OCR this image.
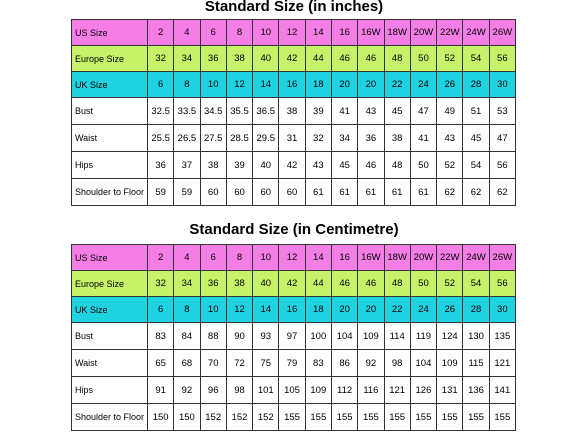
Standard Size (in inches)
US Size	2	4	6	8	10	12	14	16	16W	18W	20W	22W	24W	26W
Europe Size	32	34	36	38	40	42	44	46	46	48	50	52	54	56
UK Size	6	8	10	12	14	16	18	20	20	22	24	26	28	30
Bust	32.5	33.5	34.5	35.5	36.5	38	39	41	43	45	47	49	51	53
Waist	25.5	26.5	27.5	28.5	29.5	31	32	34	36	38	41	43	45	47
Hips	36	37	38	39	40	42	43	45	46	48	50	52	54	56
Shoulder to Floor	59	59	60	60	60	60	61	61	61	61	61	62	62	62
Standard Size (in Centimetre)
US Size	2	4	6	8	10	12	14	16	16W	18W	20W	22W	24W	26W
Europe Size	32	34	36	38	40	42	44	46	46	48	50	52	54	56
UK Size	6	8	10	12	14	16	18	20	20	22	24	26	28	30
Bust	83	84	88	90	93	97	100	104	109	114	119	124	130	135
Waist	65	68	70	72	75	79	83	86	92	98	104	109	115	121
Hips	91	92	96	98	101	105	109	112	116	121	126	131	136	141
Shoulder to Floor	150	150	152	152	152	155	155	155	155	155	155	155	155	155
